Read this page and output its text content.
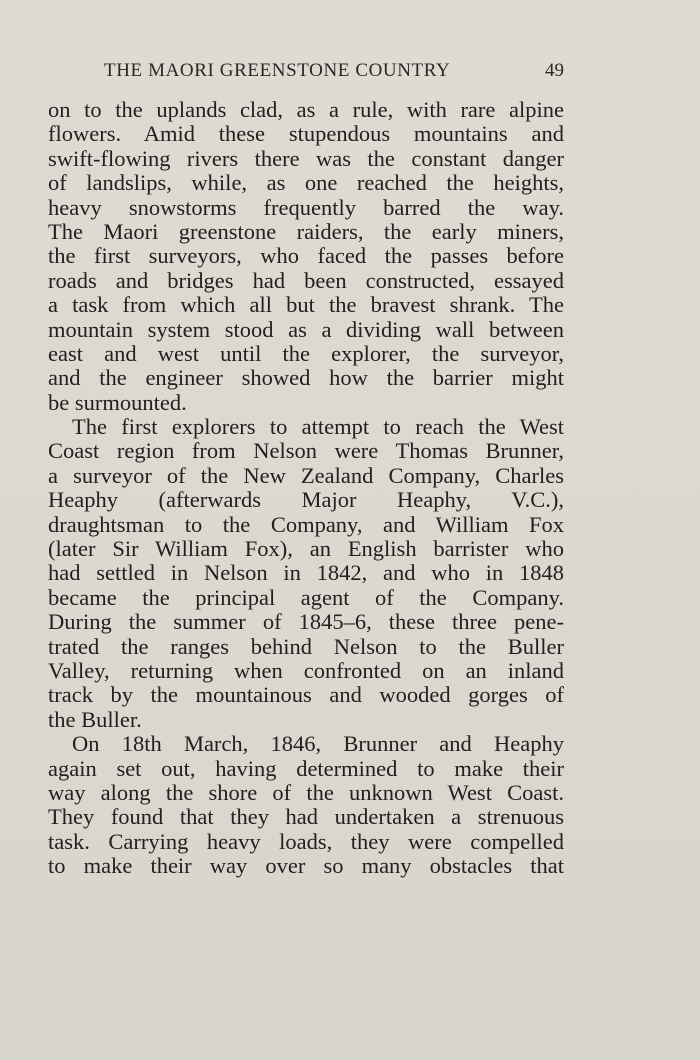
THE MAORI GREENSTONE COUNTRY	49
on to the uplands clad, as a rule, with rare alpine
flowers. Amid these stupendous mountains and
swift-flowing rivers there was the constant danger
of landslips, while, as one reached the heights,
heavy snowstorms frequently barred the way.
The Maori greenstone raiders, the early miners,
the first surveyors, who faced the passes before
roads and bridges had been constructed, essayed
a task from which all but the bravest shrank. The
mountain system stood as a dividing wall between
east and west until the explorer, the surveyor,
and the engineer showed how the barrier might
be surmounted.
The first explorers to attempt to reach the West
Coast region from Nelson were Thomas Brunner,
a surveyor of the New Zealand Company, Charles
Heaphy (afterwards Major Heaphy, V.C.),
draughtsman to the Company, and William Fox
(later Sir William Fox), an English barrister who
had settled in Nelson in 1842, and who in 1848
became the principal agent of the Company.
During the summer of 1845–6, these three pene-
trated the ranges behind Nelson to the Buller
Valley, returning when confronted on an inland
track by the mountainous and wooded gorges of
the Buller.
On 18th March, 1846, Brunner and Heaphy
again set out, having determined to make their
way along the shore of the unknown West Coast.
They found that they had undertaken a strenuous
task. Carrying heavy loads, they were compelled
to make their way over so many obstacles that
